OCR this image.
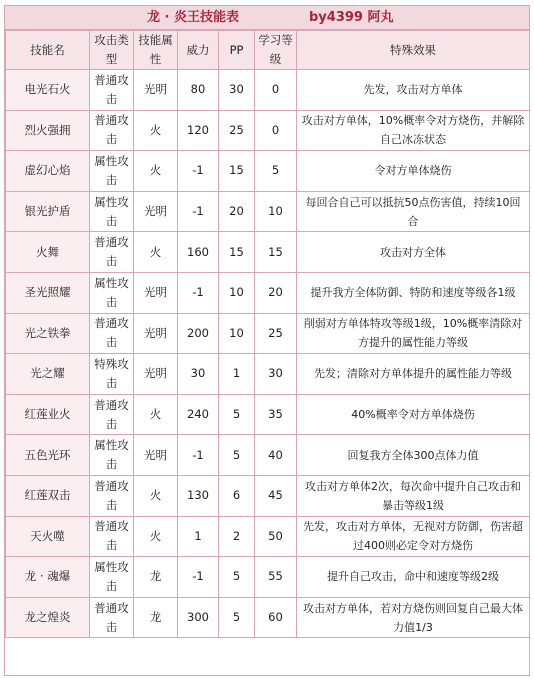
龙 · 炎王技能表	by4399 阿丸
技能名	攻击类型	技能属性	威力	PP	学习等级	特殊效果
电光石火	普通攻击	光明	80	30	0	先发，攻击对方单体
烈火强拥	普通攻击	火	120	25	0	攻击对方单体，10%概率令对方烧伤，并解除自己冰冻状态
虚幻心焰	属性攻击	火	-1	15	5	令对方单体烧伤
银光护盾	属性攻击	光明	-1	20	10	每回合自己可以抵抗50点伤害值，持续10回合
火舞	普通攻击	火	160	15	15	攻击对方全体
圣光照耀	属性攻击	光明	-1	10	20	提升我方全体防御、特防和速度等级各1级
光之铁拳	普通攻击	光明	200	10	25	削弱对方单体特攻等级1级，10%概率清除对方提升的属性能力等级
光之耀	特殊攻击	光明	30	1	30	先发；清除对方单体提升的属性能力等级
红莲业火	普通攻击	火	240	5	35	40%概率令对方单体烧伤
五色光环	属性攻击	光明	-1	5	40	回复我方全体300点体力值
红莲双击	普通攻击	火	130	6	45	攻击对方单体2次，每次命中提升自己攻击和暴击等级1级
天火噬	普通攻击	火	1	2	50	先发，攻击对方单体，无视对方防御，伤害超过400则必定令对方烧伤
龙 · 魂爆	属性攻击	龙	-1	5	55	提升自己攻击，命中和速度等级2级
龙之煌炎	普通攻击	龙	300	5	60	攻击对方单体，若对方烧伤则回复自己最大体力值1/3
